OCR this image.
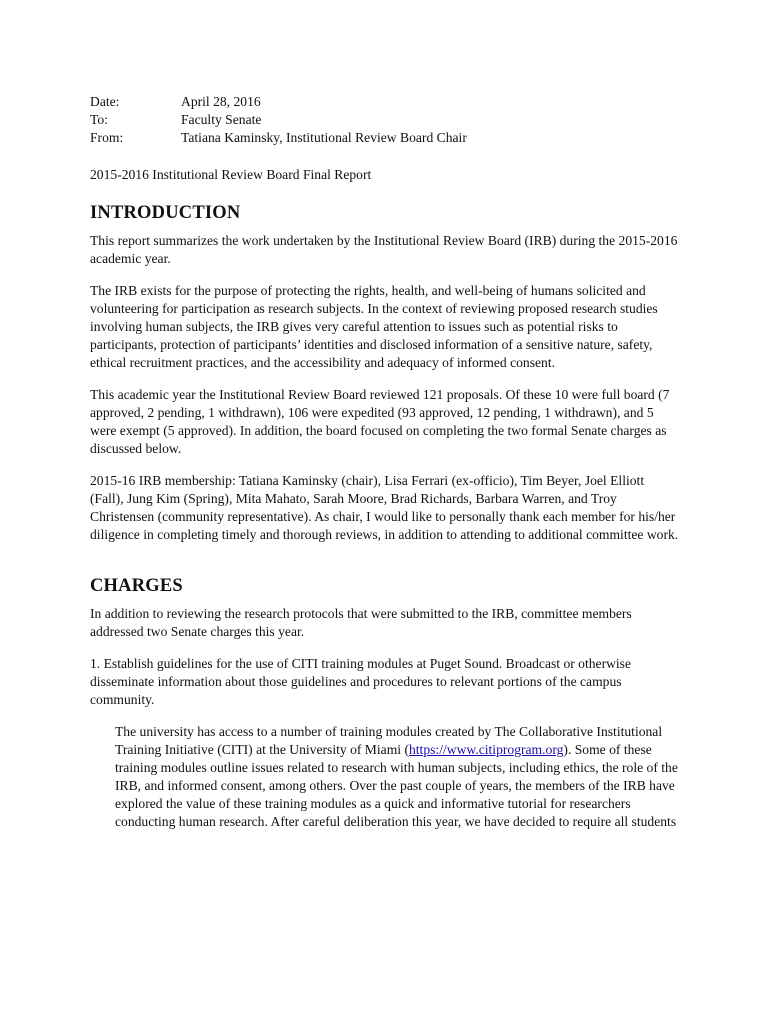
Date:	April 28, 2016
To:	Faculty Senate
From:	Tatiana Kaminsky, Institutional Review Board Chair

2015-2016 Institutional Review Board Final Report

INTRODUCTION

This report summarizes the work undertaken by the Institutional Review Board (IRB) during the 2015-2016 academic year.

The IRB exists for the purpose of protecting the rights, health, and well-being of humans solicited and volunteering for participation as research subjects. In the context of reviewing proposed research studies involving human subjects, the IRB gives very careful attention to issues such as potential risks to participants, protection of participants’ identities and disclosed information of a sensitive nature, safety, ethical recruitment practices, and the accessibility and adequacy of informed consent.

This academic year the Institutional Review Board reviewed 121 proposals. Of these 10 were full board (7 approved, 2 pending, 1 withdrawn), 106 were expedited (93 approved, 12 pending, 1 withdrawn), and 5 were exempt (5 approved). In addition, the board focused on completing the two formal Senate charges as discussed below.

2015-16 IRB membership: Tatiana Kaminsky (chair), Lisa Ferrari (ex-officio), Tim Beyer, Joel Elliott (Fall), Jung Kim (Spring), Mita Mahato, Sarah Moore, Brad Richards, Barbara Warren, and Troy Christensen (community representative). As chair, I would like to personally thank each member for his/her diligence in completing timely and thorough reviews, in addition to attending to additional committee work.

CHARGES

In addition to reviewing the research protocols that were submitted to the IRB, committee members addressed two Senate charges this year.

1. Establish guidelines for the use of CITI training modules at Puget Sound. Broadcast or otherwise disseminate information about those guidelines and procedures to relevant portions of the campus community.

The university has access to a number of training modules created by The Collaborative Institutional Training Initiative (CITI) at the University of Miami (https://www.citiprogram.org). Some of these training modules outline issues related to research with human subjects, including ethics, the role of the IRB, and informed consent, among others. Over the past couple of years, the members of the IRB have explored the value of these training modules as a quick and informative tutorial for researchers conducting human research. After careful deliberation this year, we have decided to require all students
